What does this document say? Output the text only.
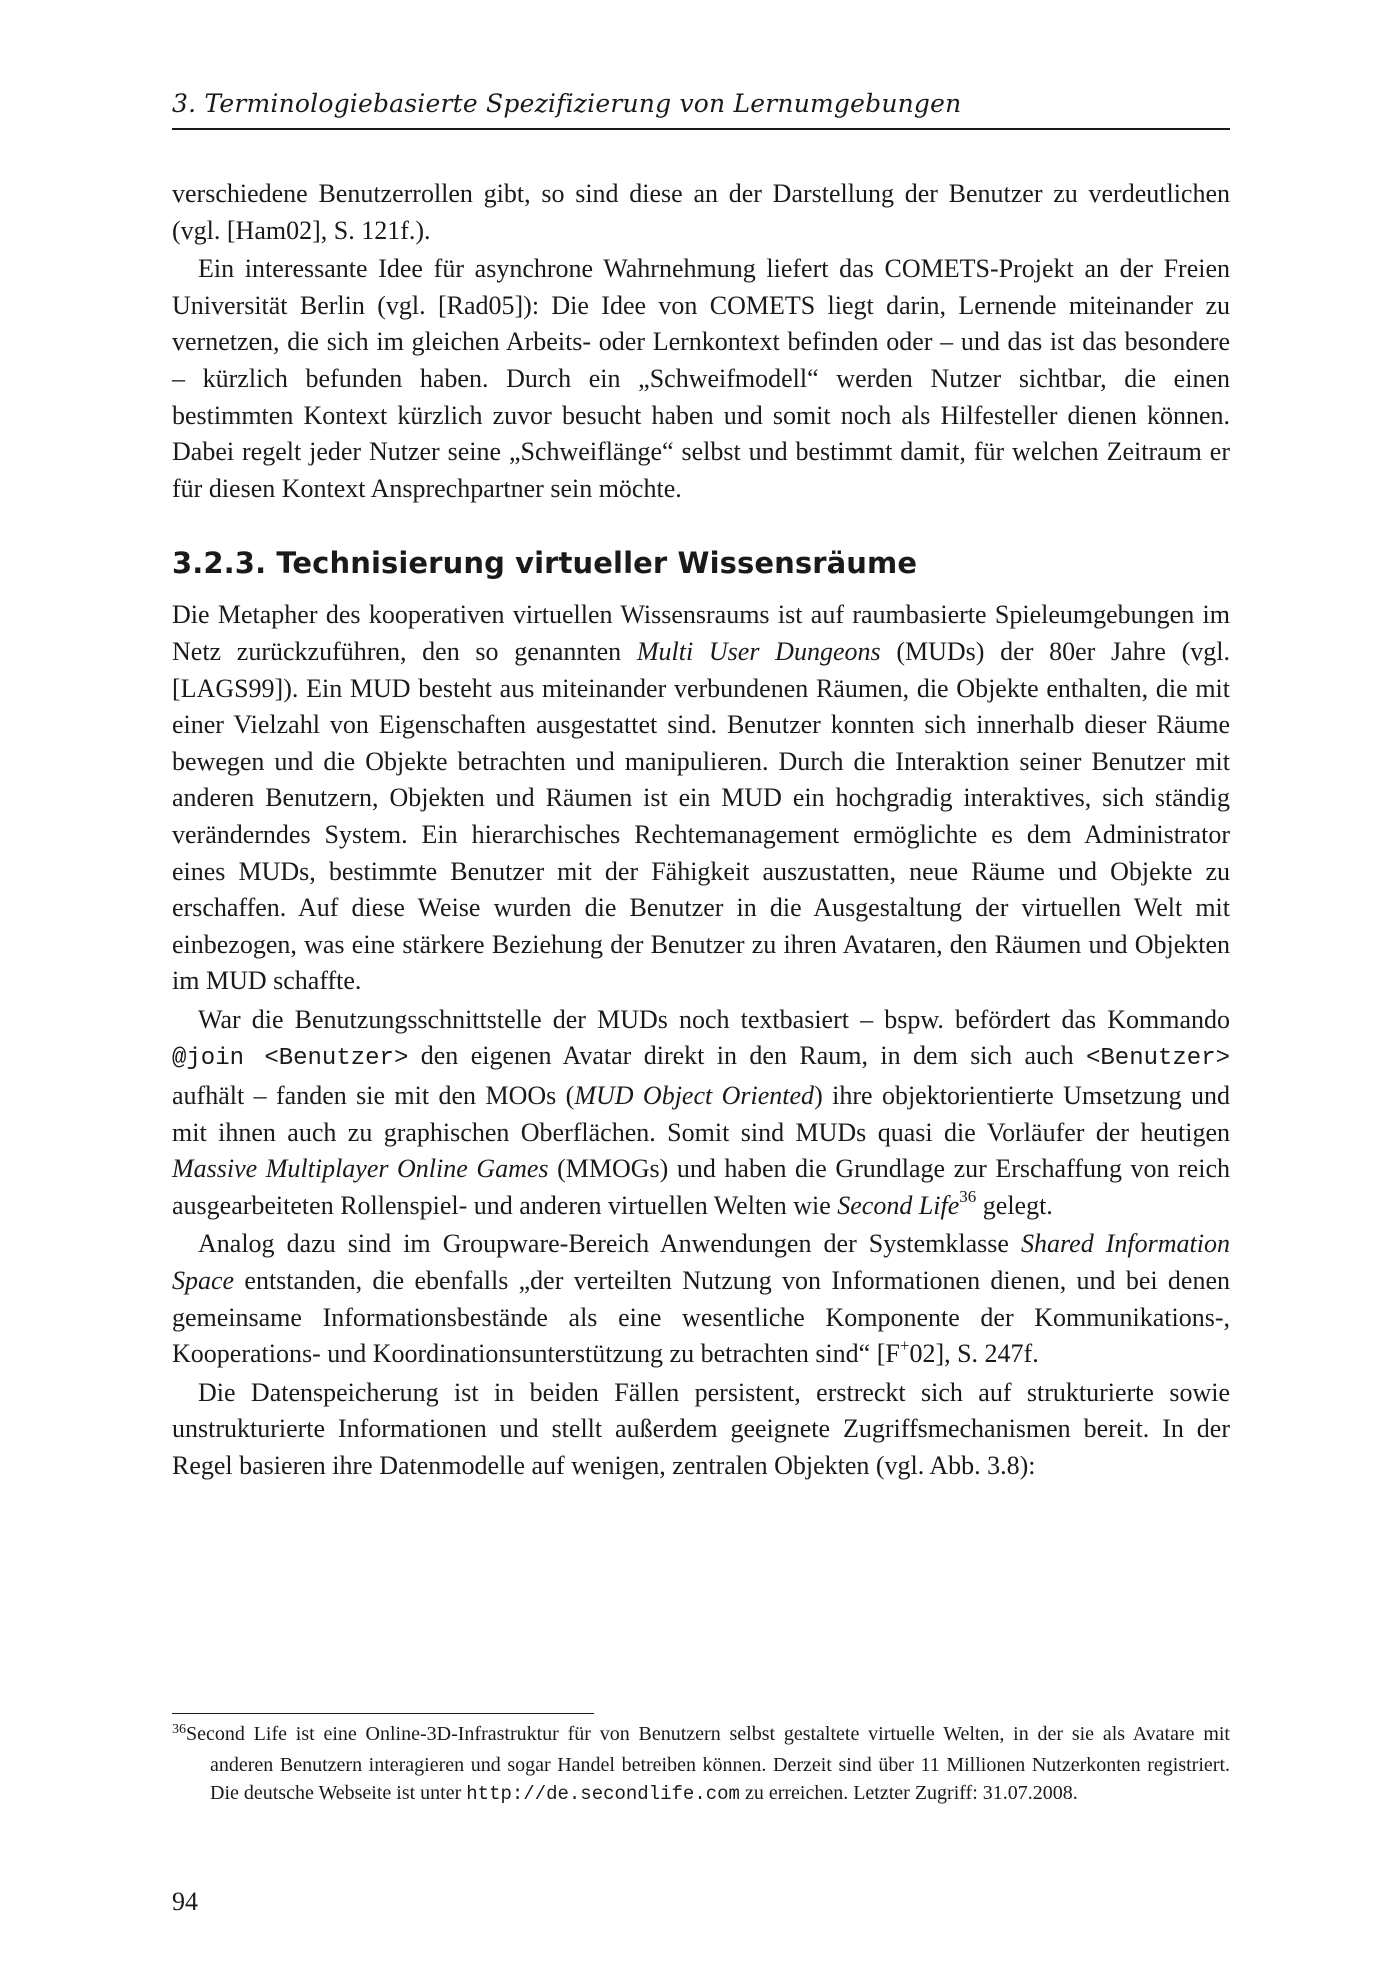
3. Terminologiebasierte Spezifizierung von Lernumgebungen

verschiedene Benutzerrollen gibt, so sind diese an der Darstellung der Benutzer zu verdeutlichen (vgl. [Ham02], S. 121f.).

Ein interessante Idee für asynchrone Wahrnehmung liefert das COMETS-Projekt an der Freien Universität Berlin (vgl. [Rad05]): Die Idee von COMETS liegt darin, Lernende miteinander zu vernetzen, die sich im gleichen Arbeits- oder Lernkontext befinden oder – und das ist das besondere – kürzlich befunden haben. Durch ein „Schweifmodell“ werden Nutzer sichtbar, die einen bestimmten Kontext kürzlich zuvor besucht haben und somit noch als Hilfesteller dienen können. Dabei regelt jeder Nutzer seine „Schweiflänge“ selbst und bestimmt damit, für welchen Zeitraum er für diesen Kontext Ansprechpartner sein möchte.

3.2.3. Technisierung virtueller Wissensräume

Die Metapher des kooperativen virtuellen Wissensraums ist auf raumbasierte Spieleumgebungen im Netz zurückzuführen, den so genannten Multi User Dungeons (MUDs) der 80er Jahre (vgl. [LAGS99]). Ein MUD besteht aus miteinander verbundenen Räumen, die Objekte enthalten, die mit einer Vielzahl von Eigenschaften ausgestattet sind. Benutzer konnten sich innerhalb dieser Räume bewegen und die Objekte betrachten und manipulieren. Durch die Interaktion seiner Benutzer mit anderen Benutzern, Objekten und Räumen ist ein MUD ein hochgradig interaktives, sich ständig veränderndes System. Ein hierarchisches Rechtemanagement ermöglichte es dem Administrator eines MUDs, bestimmte Benutzer mit der Fähigkeit auszustatten, neue Räume und Objekte zu erschaffen. Auf diese Weise wurden die Benutzer in die Ausgestaltung der virtuellen Welt mit einbezogen, was eine stärkere Beziehung der Benutzer zu ihren Avataren, den Räumen und Objekten im MUD schaffte.

War die Benutzungsschnittstelle der MUDs noch textbasiert – bspw. befördert das Kommando @join <Benutzer> den eigenen Avatar direkt in den Raum, in dem sich auch <Benutzer> aufhält – fanden sie mit den MOOs (MUD Object Oriented) ihre objektorientierte Umsetzung und mit ihnen auch zu graphischen Oberflächen. Somit sind MUDs quasi die Vorläufer der heutigen Massive Multiplayer Online Games (MMOGs) und haben die Grundlage zur Erschaffung von reich ausgearbeiteten Rollenspiel- und anderen virtuellen Welten wie Second Life$^{36}$ gelegt.

Analog dazu sind im Groupware-Bereich Anwendungen der Systemklasse Shared Information Space entstanden, die ebenfalls „der verteilten Nutzung von Informationen dienen, und bei denen gemeinsame Informationsbestände als eine wesentliche Komponente der Kommunikations-, Kooperations- und Koordinationsunterstützung zu betrachten sind“ [F+02], S. 247f.

Die Datenspeicherung ist in beiden Fällen persistent, erstreckt sich auf strukturierte sowie unstrukturierte Informationen und stellt außerdem geeignete Zugriffsmechanismen bereit. In der Regel basieren ihre Datenmodelle auf wenigen, zentralen Objekten (vgl. Abb. 3.8):

$^{36}$Second Life ist eine Online-3D-Infrastruktur für von Benutzern selbst gestaltete virtuelle Welten, in der sie als Avatare mit anderen Benutzern interagieren und sogar Handel betreiben können. Derzeit sind über 11 Millionen Nutzerkonten registriert. Die deutsche Webseite ist unter http://de.secondlife.com zu erreichen. Letzter Zugriff: 31.07.2008.
94
